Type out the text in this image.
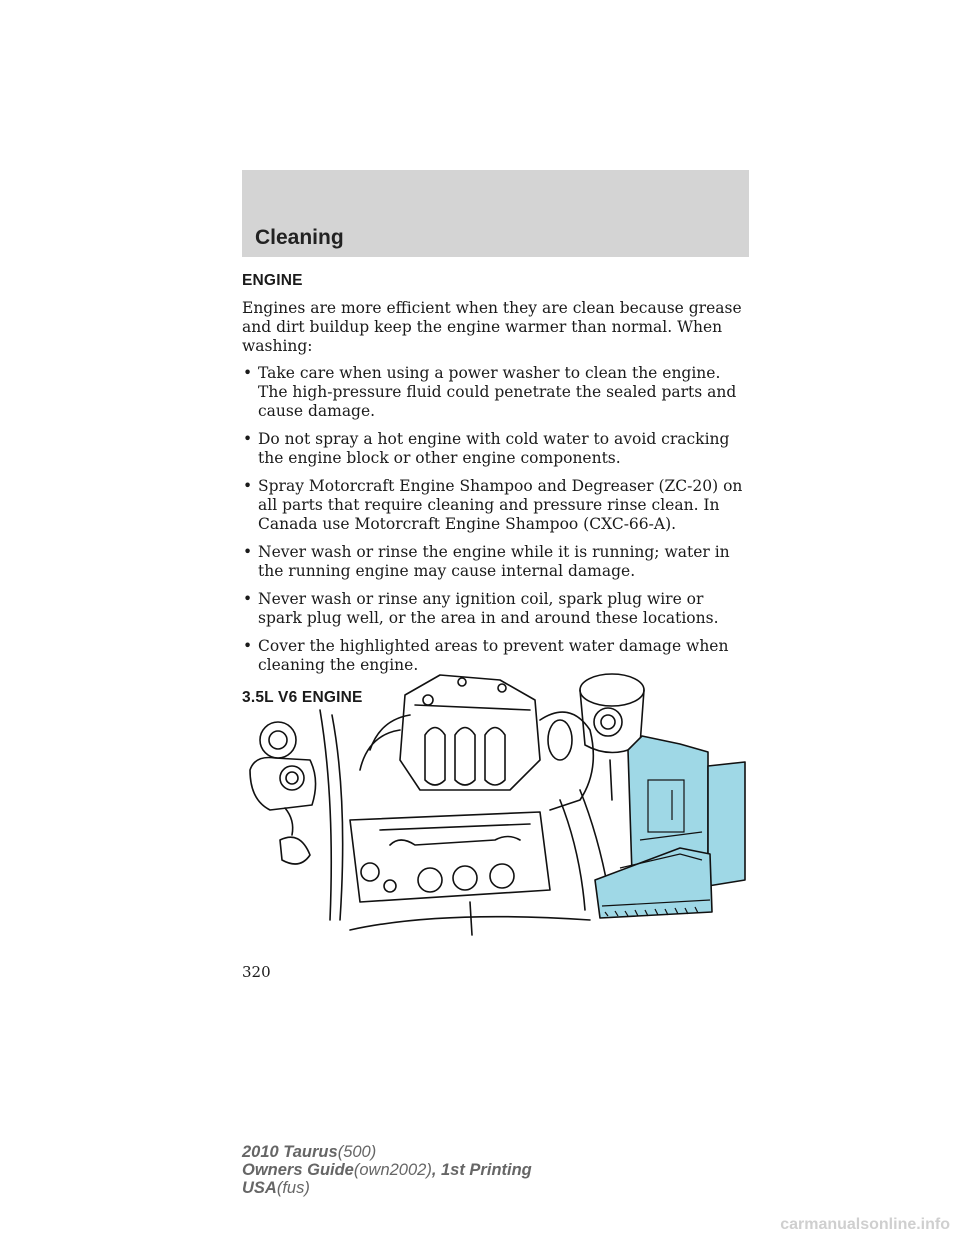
Cleaning
ENGINE

Engines are more efficient when they are clean because grease and dirt buildup keep the engine warmer than normal. When washing:

• Take care when using a power washer to clean the engine. The high-pressure fluid could penetrate the sealed parts and cause damage.
• Do not spray a hot engine with cold water to avoid cracking the engine block or other engine components.
• Spray Motorcraft Engine Shampoo and Degreaser (ZC-20) on all parts that require cleaning and pressure rinse clean. In Canada use Motorcraft Engine Shampoo (CXC-66-A).
• Never wash or rinse the engine while it is running; water in the running engine may cause internal damage.
• Never wash or rinse any ignition coil, spark plug wire or spark plug well, or the area in and around these locations.
• Cover the highlighted areas to prevent water damage when cleaning the engine.
3.5L V6 ENGINE
320
2010 Taurus(500)
Owners Guide(own2002), 1st Printing
USA(fus)
carmanualsonline.info
